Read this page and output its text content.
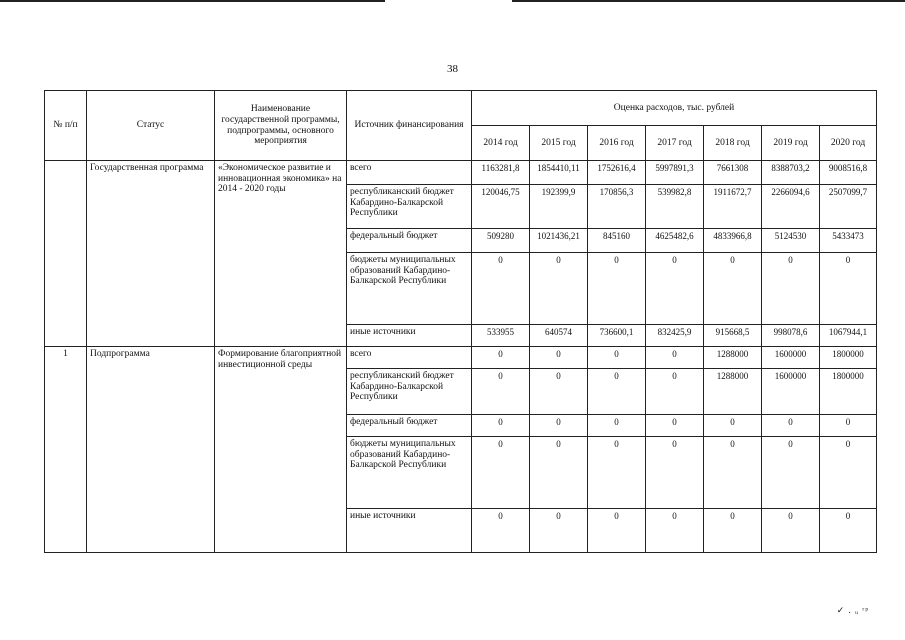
38
№ п/п	Статус	Наименование государственной программы, подпрограммы, основного мероприятия	Источник финансирования	Оценка расходов, тыс. рублей						
				2014 год	2015 год	2016 год	2017 год	2018 год	2019 год	2020 год
	Государственная программа	«Экономическое развитие и инновационная экономика» на 2014 - 2020 годы	всего	1163281,8	1854410,11	1752616,4	5997891,3	7661308	8388703,2	9008516,8
			республиканский бюджет Кабардино-Балкарской Республики	120046,75	192399,9	170856,3	539982,8	1911672,7	2266094,6	2507099,7
			федеральный бюджет	509280	1021436,21	845160	4625482,6	4833966,8	5124530	5433473
			бюджеты муниципальных образований Кабардино-Балкарской Республики	0	0	0	0	0	0	0
			иные источники	533955	640574	736600,1	832425,9	915668,5	998078,6	1067944,1
1	Подпрограмма	Формирование благоприятной инвестиционной среды	всего	0	0	0	0	1288000	1600000	1800000
			республиканский бюджет Кабардино-Балкарской Республики	0	0	0	0	1288000	1600000	1800000
			федеральный бюджет	0	0	0	0	0	0	0
			бюджеты муниципальных образований Кабардино-Балкарской Республики	0	0	0	0	0	0	0
			иные источники	0	0	0	0	0	0	0
✓ . ᵤ ʳᵖ
